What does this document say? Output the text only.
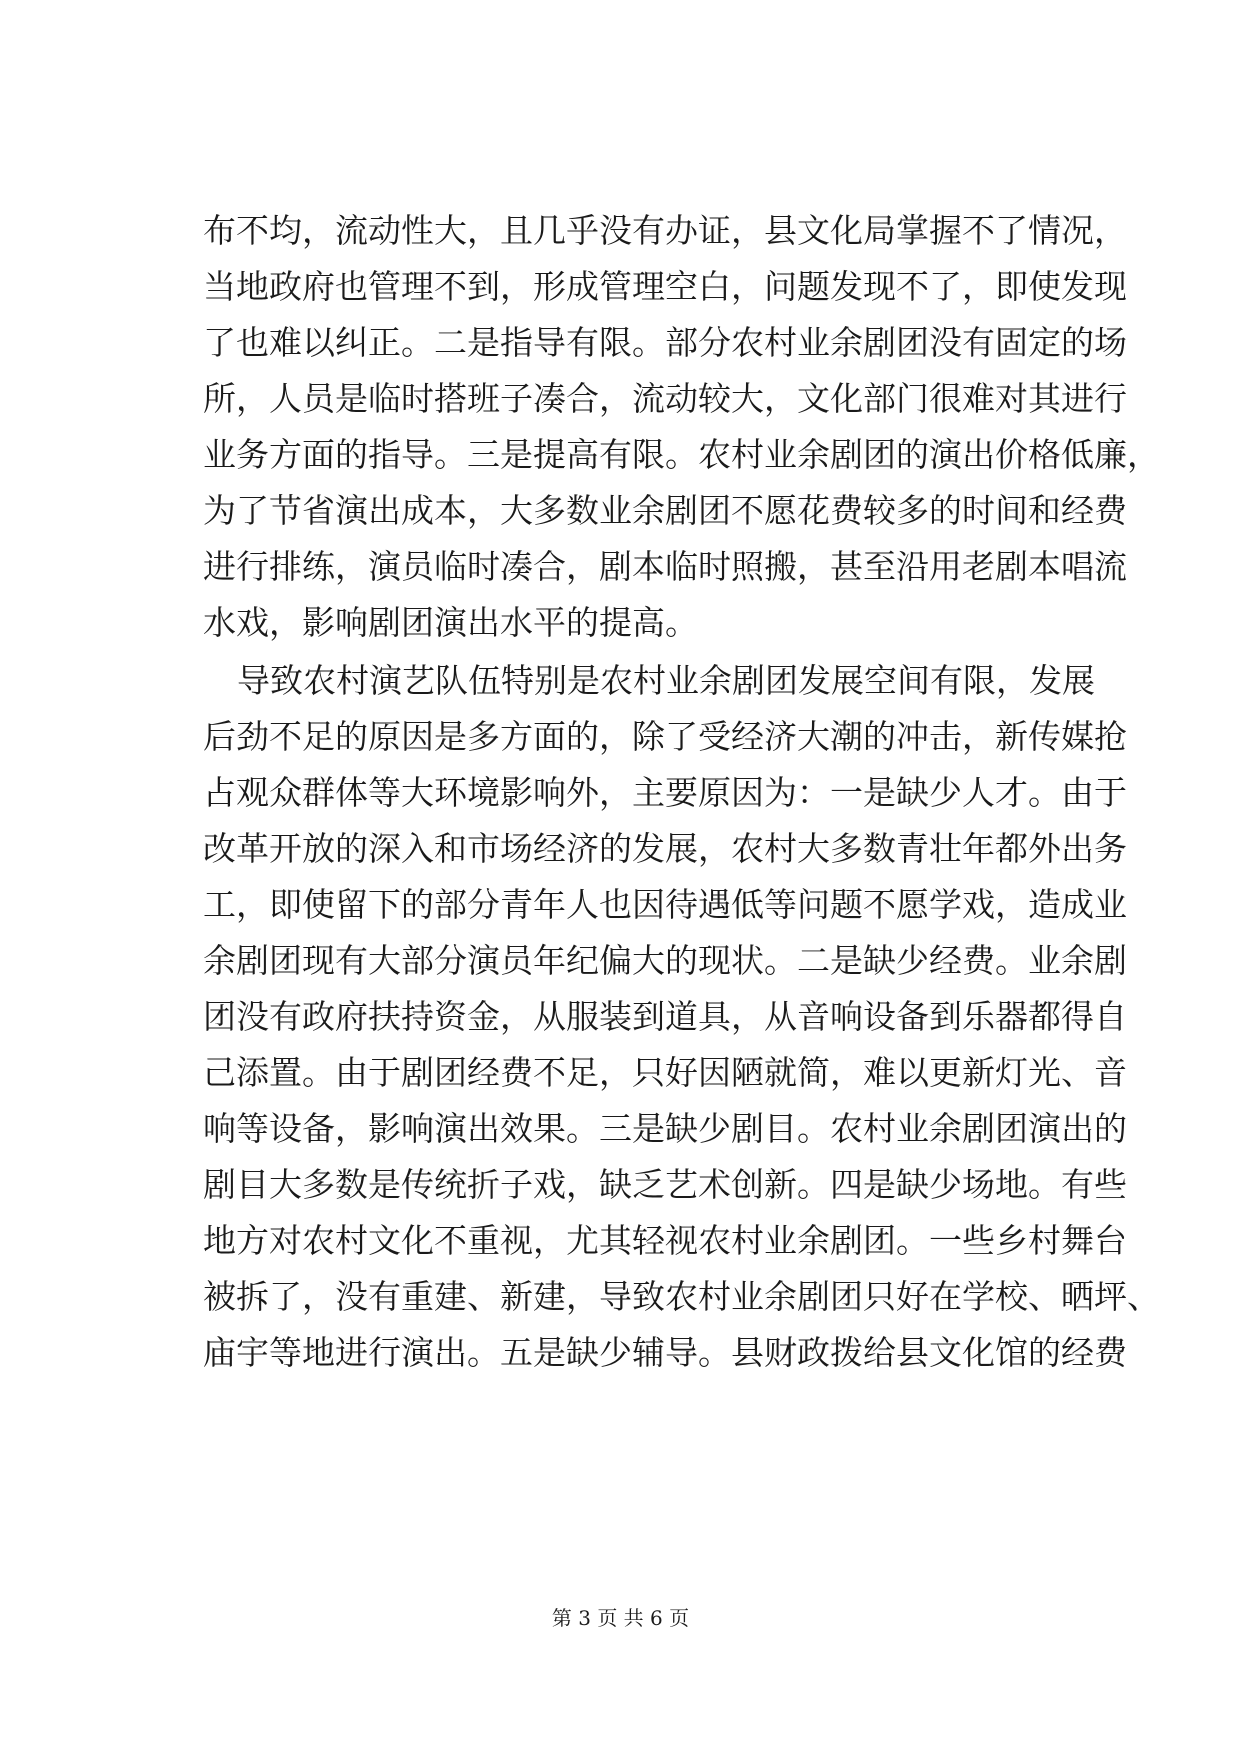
布不均，流动性大，且几乎没有办证，县文化局掌握不了情况，
当地政府也管理不到，形成管理空白，问题发现不了，即使发现
了也难以纠正。二是指导有限。部分农村业余剧团没有固定的场
所，人员是临时搭班子凑合，流动较大，文化部门很难对其进行
业务方面的指导。三是提高有限。农村业余剧团的演出价格低廉，
为了节省演出成本，大多数业余剧团不愿花费较多的时间和经费
进行排练，演员临时凑合，剧本临时照搬，甚至沿用老剧本唱流
水戏，影响剧团演出水平的提高。
导致农村演艺队伍特别是农村业余剧团发展空间有限，发展
后劲不足的原因是多方面的，除了受经济大潮的冲击，新传媒抢
占观众群体等大环境影响外，主要原因为：一是缺少人才。由于
改革开放的深入和市场经济的发展，农村大多数青壮年都外出务
工，即使留下的部分青年人也因待遇低等问题不愿学戏，造成业
余剧团现有大部分演员年纪偏大的现状。二是缺少经费。业余剧
团没有政府扶持资金，从服装到道具，从音响设备到乐器都得自
己添置。由于剧团经费不足，只好因陋就简，难以更新灯光、音
响等设备，影响演出效果。三是缺少剧目。农村业余剧团演出的
剧目大多数是传统折子戏，缺乏艺术创新。四是缺少场地。有些
地方对农村文化不重视，尤其轻视农村业余剧团。一些乡村舞台
被拆了，没有重建、新建，导致农村业余剧团只好在学校、晒坪、
庙宇等地进行演出。五是缺少辅导。县财政拨给县文化馆的经费
第 3 页 共 6 页
